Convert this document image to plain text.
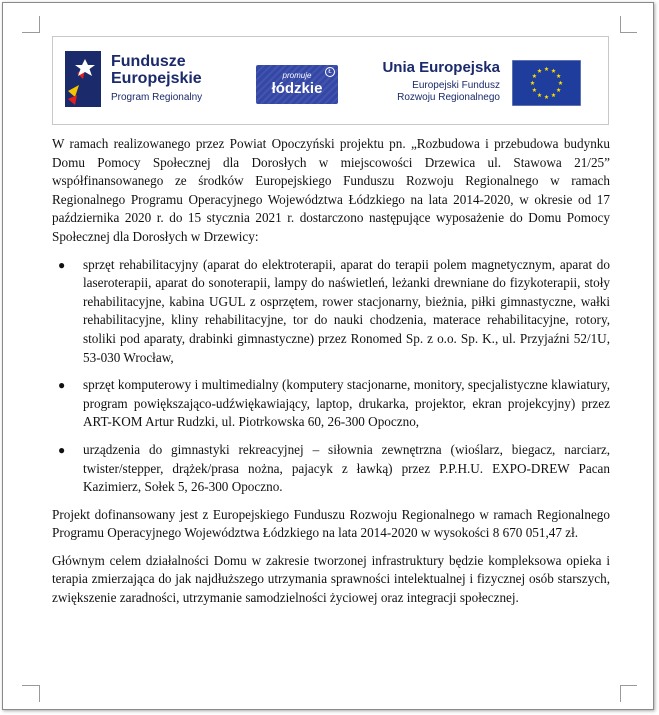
Fundusze
Europejskie
Program Regionalny
Ł
promuje
łódzkie
Unia Europejska
Europejski Fundusz
Rozwoju Regionalnego

W ramach realizowanego przez Powiat Opoczyński projektu pn. „Rozbudowa i przebudowa budynku Domu Pomocy Społecznej dla Dorosłych w miejscowości Drzewica ul. Stawowa 21/25” współfinansowanego ze środków Europejskiego Funduszu Rozwoju Regionalnego w ramach Regionalnego Programu Operacyjnego Województwa Łódzkiego na lata 2014-2020, w okresie od 17 października 2020 r. do 15 stycznia 2021 r. dostarczono następujące wyposażenie do Domu Pomocy Społecznej dla Dorosłych w Drzewicy:

● sprzęt rehabilitacyjny (aparat do elektroterapii, aparat do terapii polem magnetycznym, aparat do laseroterapii, aparat do sonoterapii, lampy do naświetleń, leżanki drewniane do fizykoterapii, stoły rehabilitacyjne, kabina UGUL z osprzętem, rower stacjonarny, bieżnia, piłki gimnastyczne, wałki rehabilitacyjne, kliny rehabilitacyjne, tor do nauki chodzenia, materace rehabilitacyjne, rotory, stoliki pod aparaty, drabinki gimnastyczne) przez Ronomed Sp. z o.o. Sp. K., ul. Przyjaźni 52/1U, 53-030 Wrocław,
● sprzęt komputerowy i multimedialny (komputery stacjonarne, monitory, specjalistyczne klawiatury, program powiększająco-udźwiękawiający, laptop, drukarka, projektor, ekran projekcyjny) przez ART-KOM Artur Rudzki, ul. Piotrkowska 60, 26-300 Opoczno,
● urządzenia do gimnastyki rekreacyjnej – siłownia zewnętrzna (wioślarz, biegacz, narciarz, twister/stepper, drążek/prasa nożna, pajacyk z ławką) przez P.P.H.U. EXPO-DREW Pacan Kazimierz, Sołek 5, 26-300 Opoczno.

Projekt dofinansowany jest z Europejskiego Funduszu Rozwoju Regionalnego w ramach Regionalnego Programu Operacyjnego Województwa Łódzkiego na lata 2014-2020 w wysokości 8 670 051,47 zł.

Głównym celem działalności Domu w zakresie tworzonej infrastruktury będzie kompleksowa opieka i terapia zmierzająca do jak najdłuższego utrzymania sprawności intelektualnej i fizycznej osób starszych, zwiększenie zaradności, utrzymanie samodzielności życiowej oraz integracji społecznej.
